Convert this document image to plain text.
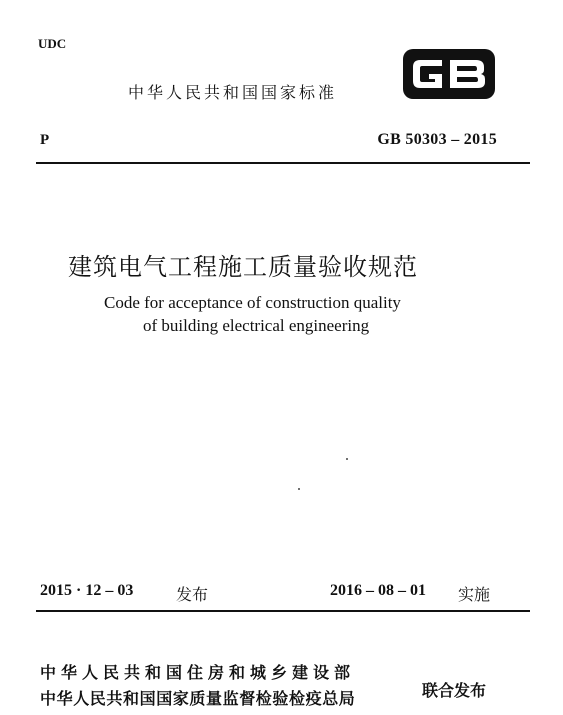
UDC
中华人民共和国国家标准
P	GB 50303 – 2015
建筑电气工程施工质量验收规范
Code for acceptance of construction quality
of building electrical engineering
2015 · 12 – 03	发布	2016 – 08 – 01 实施
中华人民共和国住房和城乡建设部
中华人民共和国国家质量监督检验检疫总局	联合发布
